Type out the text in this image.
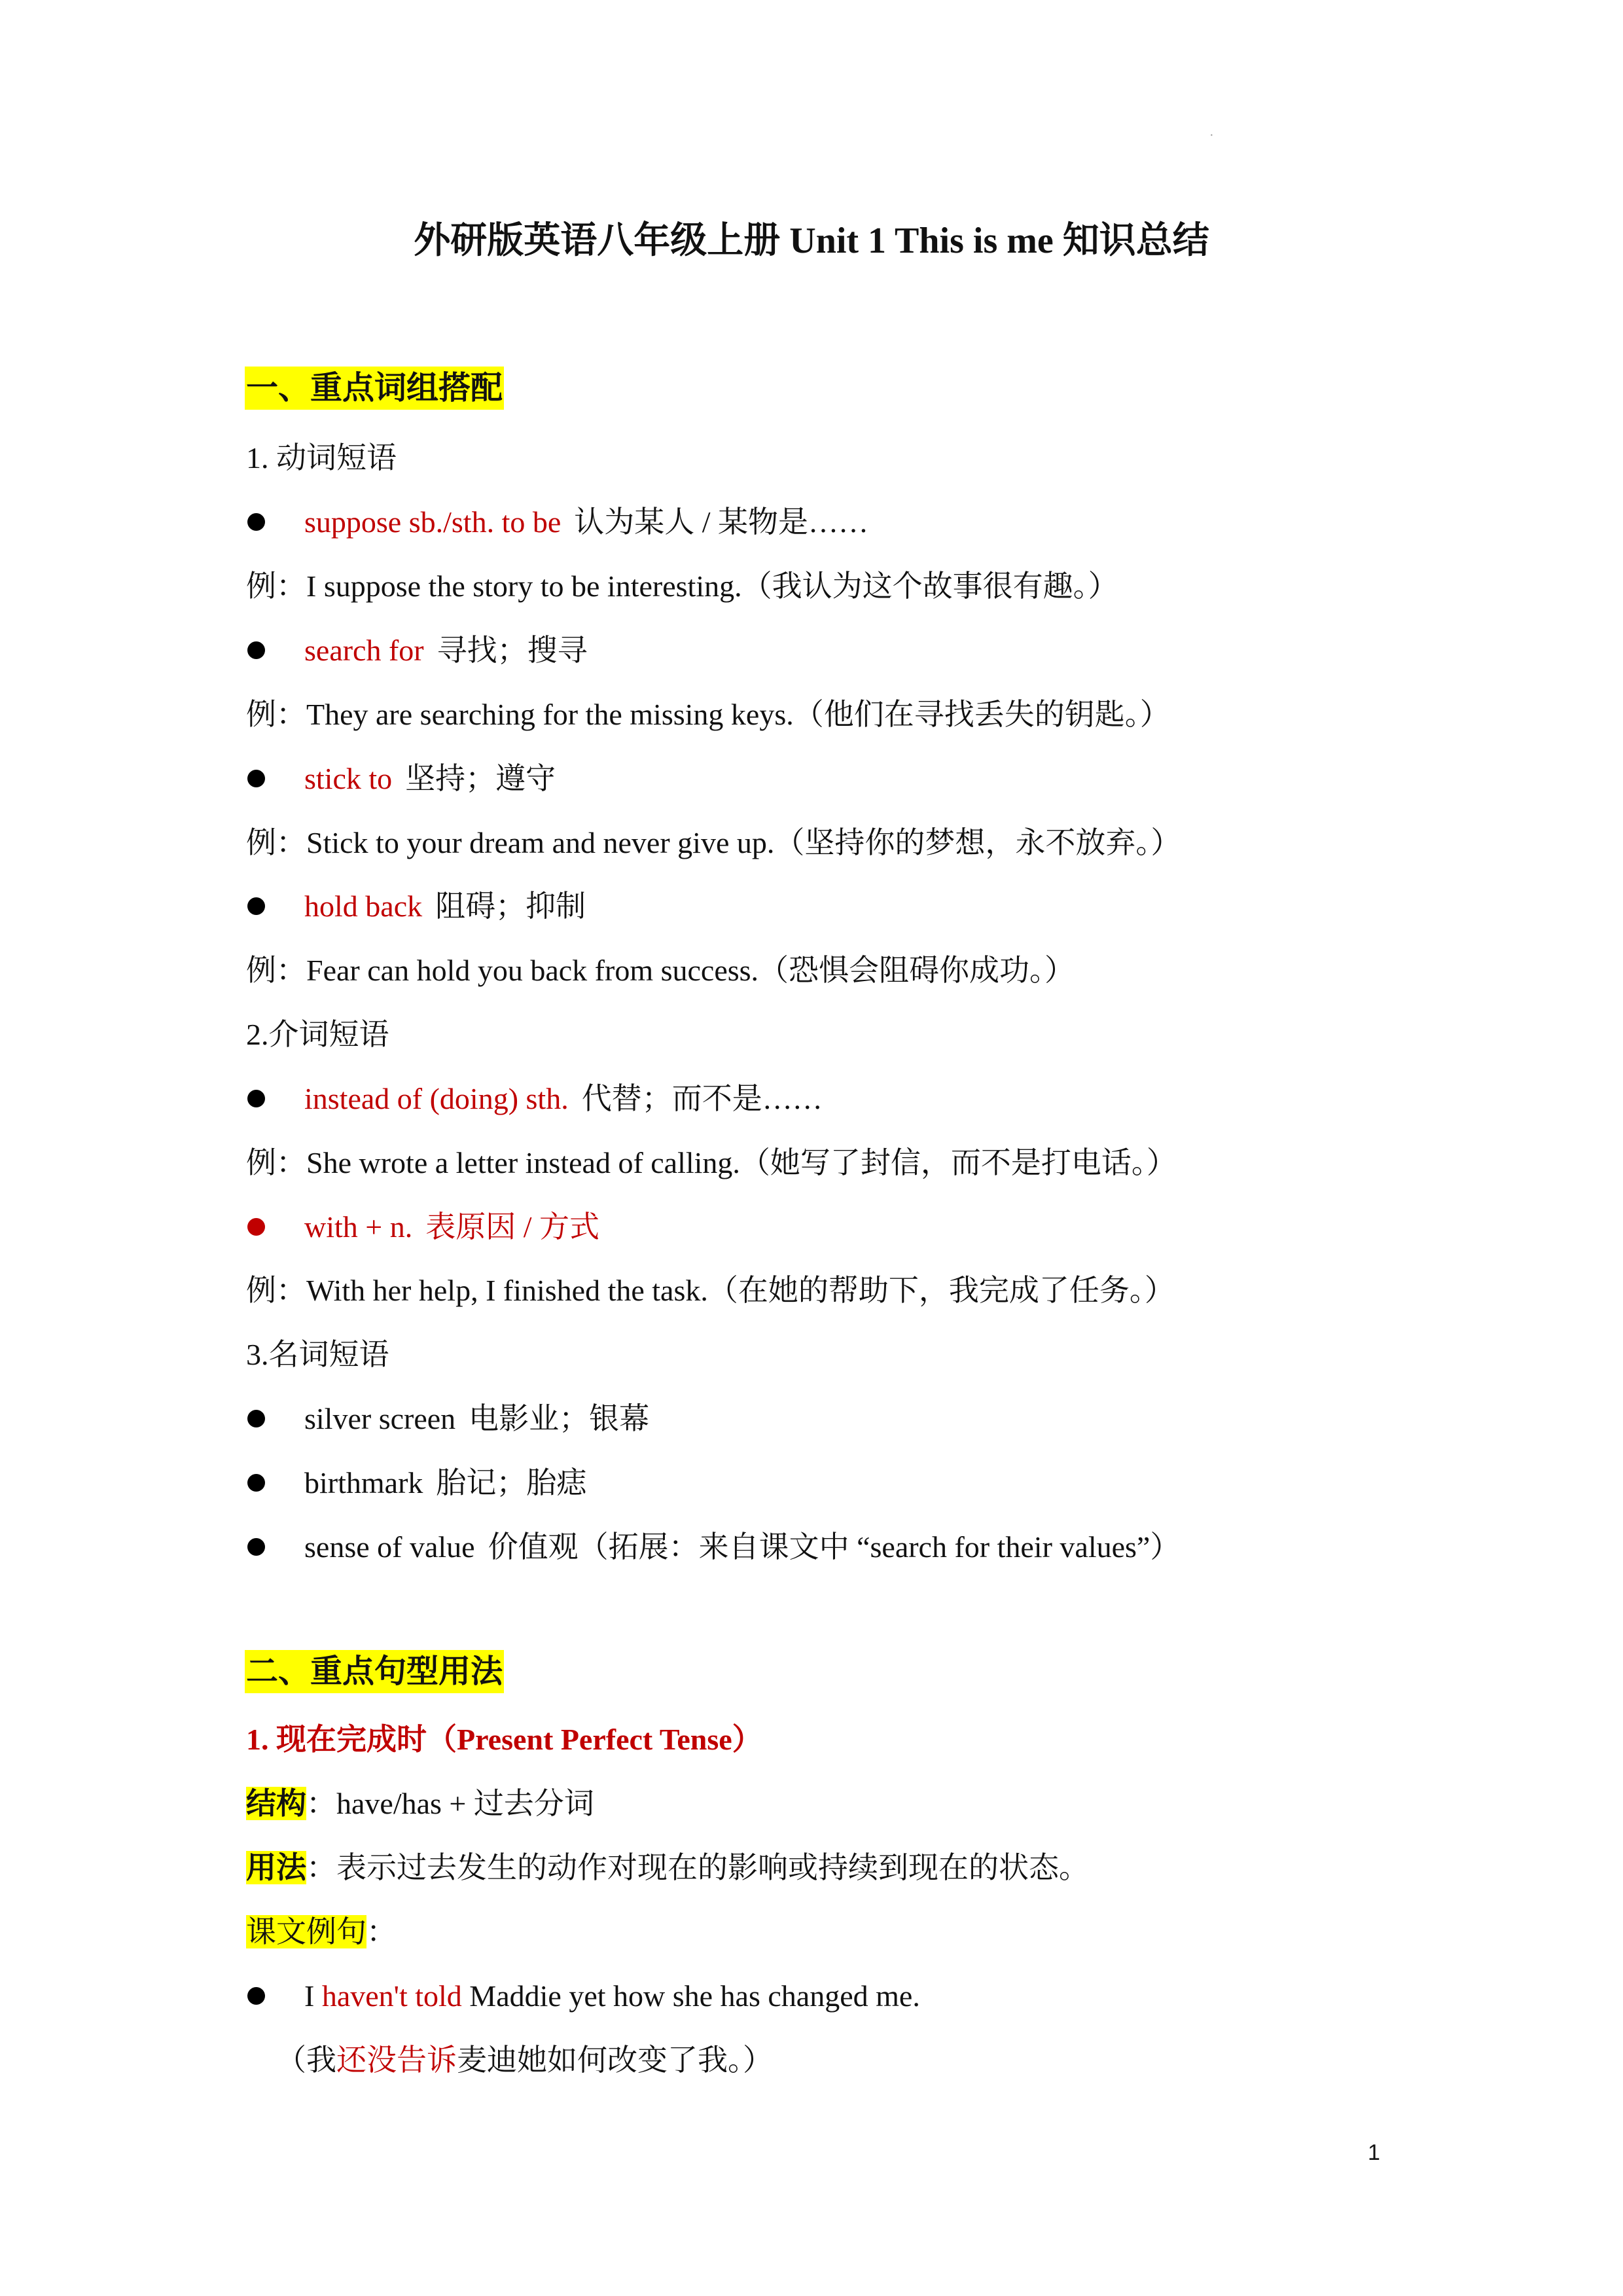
·
外研版英语八年级上册 Unit 1 This is me 知识总结
一、重点词组搭配
1. 动词短语
suppose sb./sth. to be 认为某人 / 某物是……
例：I suppose the story to be interesting.（我认为这个故事很有趣。）
search for 寻找；搜寻
例：They are searching for the missing keys.（他们在寻找丢失的钥匙。）
stick to 坚持；遵守
例：Stick to your dream and never give up.（坚持你的梦想，永不放弃。）
hold back 阻碍；抑制
例：Fear can hold you back from success.（恐惧会阻碍你成功。）
2.介词短语
instead of (doing) sth. 代替；而不是……
例：She wrote a letter instead of calling.（她写了封信，而不是打电话。）
with + n. 表原因 / 方式
例：With her help, I finished the task.（在她的帮助下，我完成了任务。）
3.名词短语
silver screen 电影业；银幕
birthmark 胎记；胎痣
sense of value 价值观（拓展：来自课文中 “search for their values”）
二、重点句型用法
1. 现在完成时（Present Perfect Tense）
结构：have/has + 过去分词
用法：表示过去发生的动作对现在的影响或持续到现在的状态。
课文例句：
I haven't told Maddie yet how she has changed me.
（我还没告诉麦迪她如何改变了我。）
1
